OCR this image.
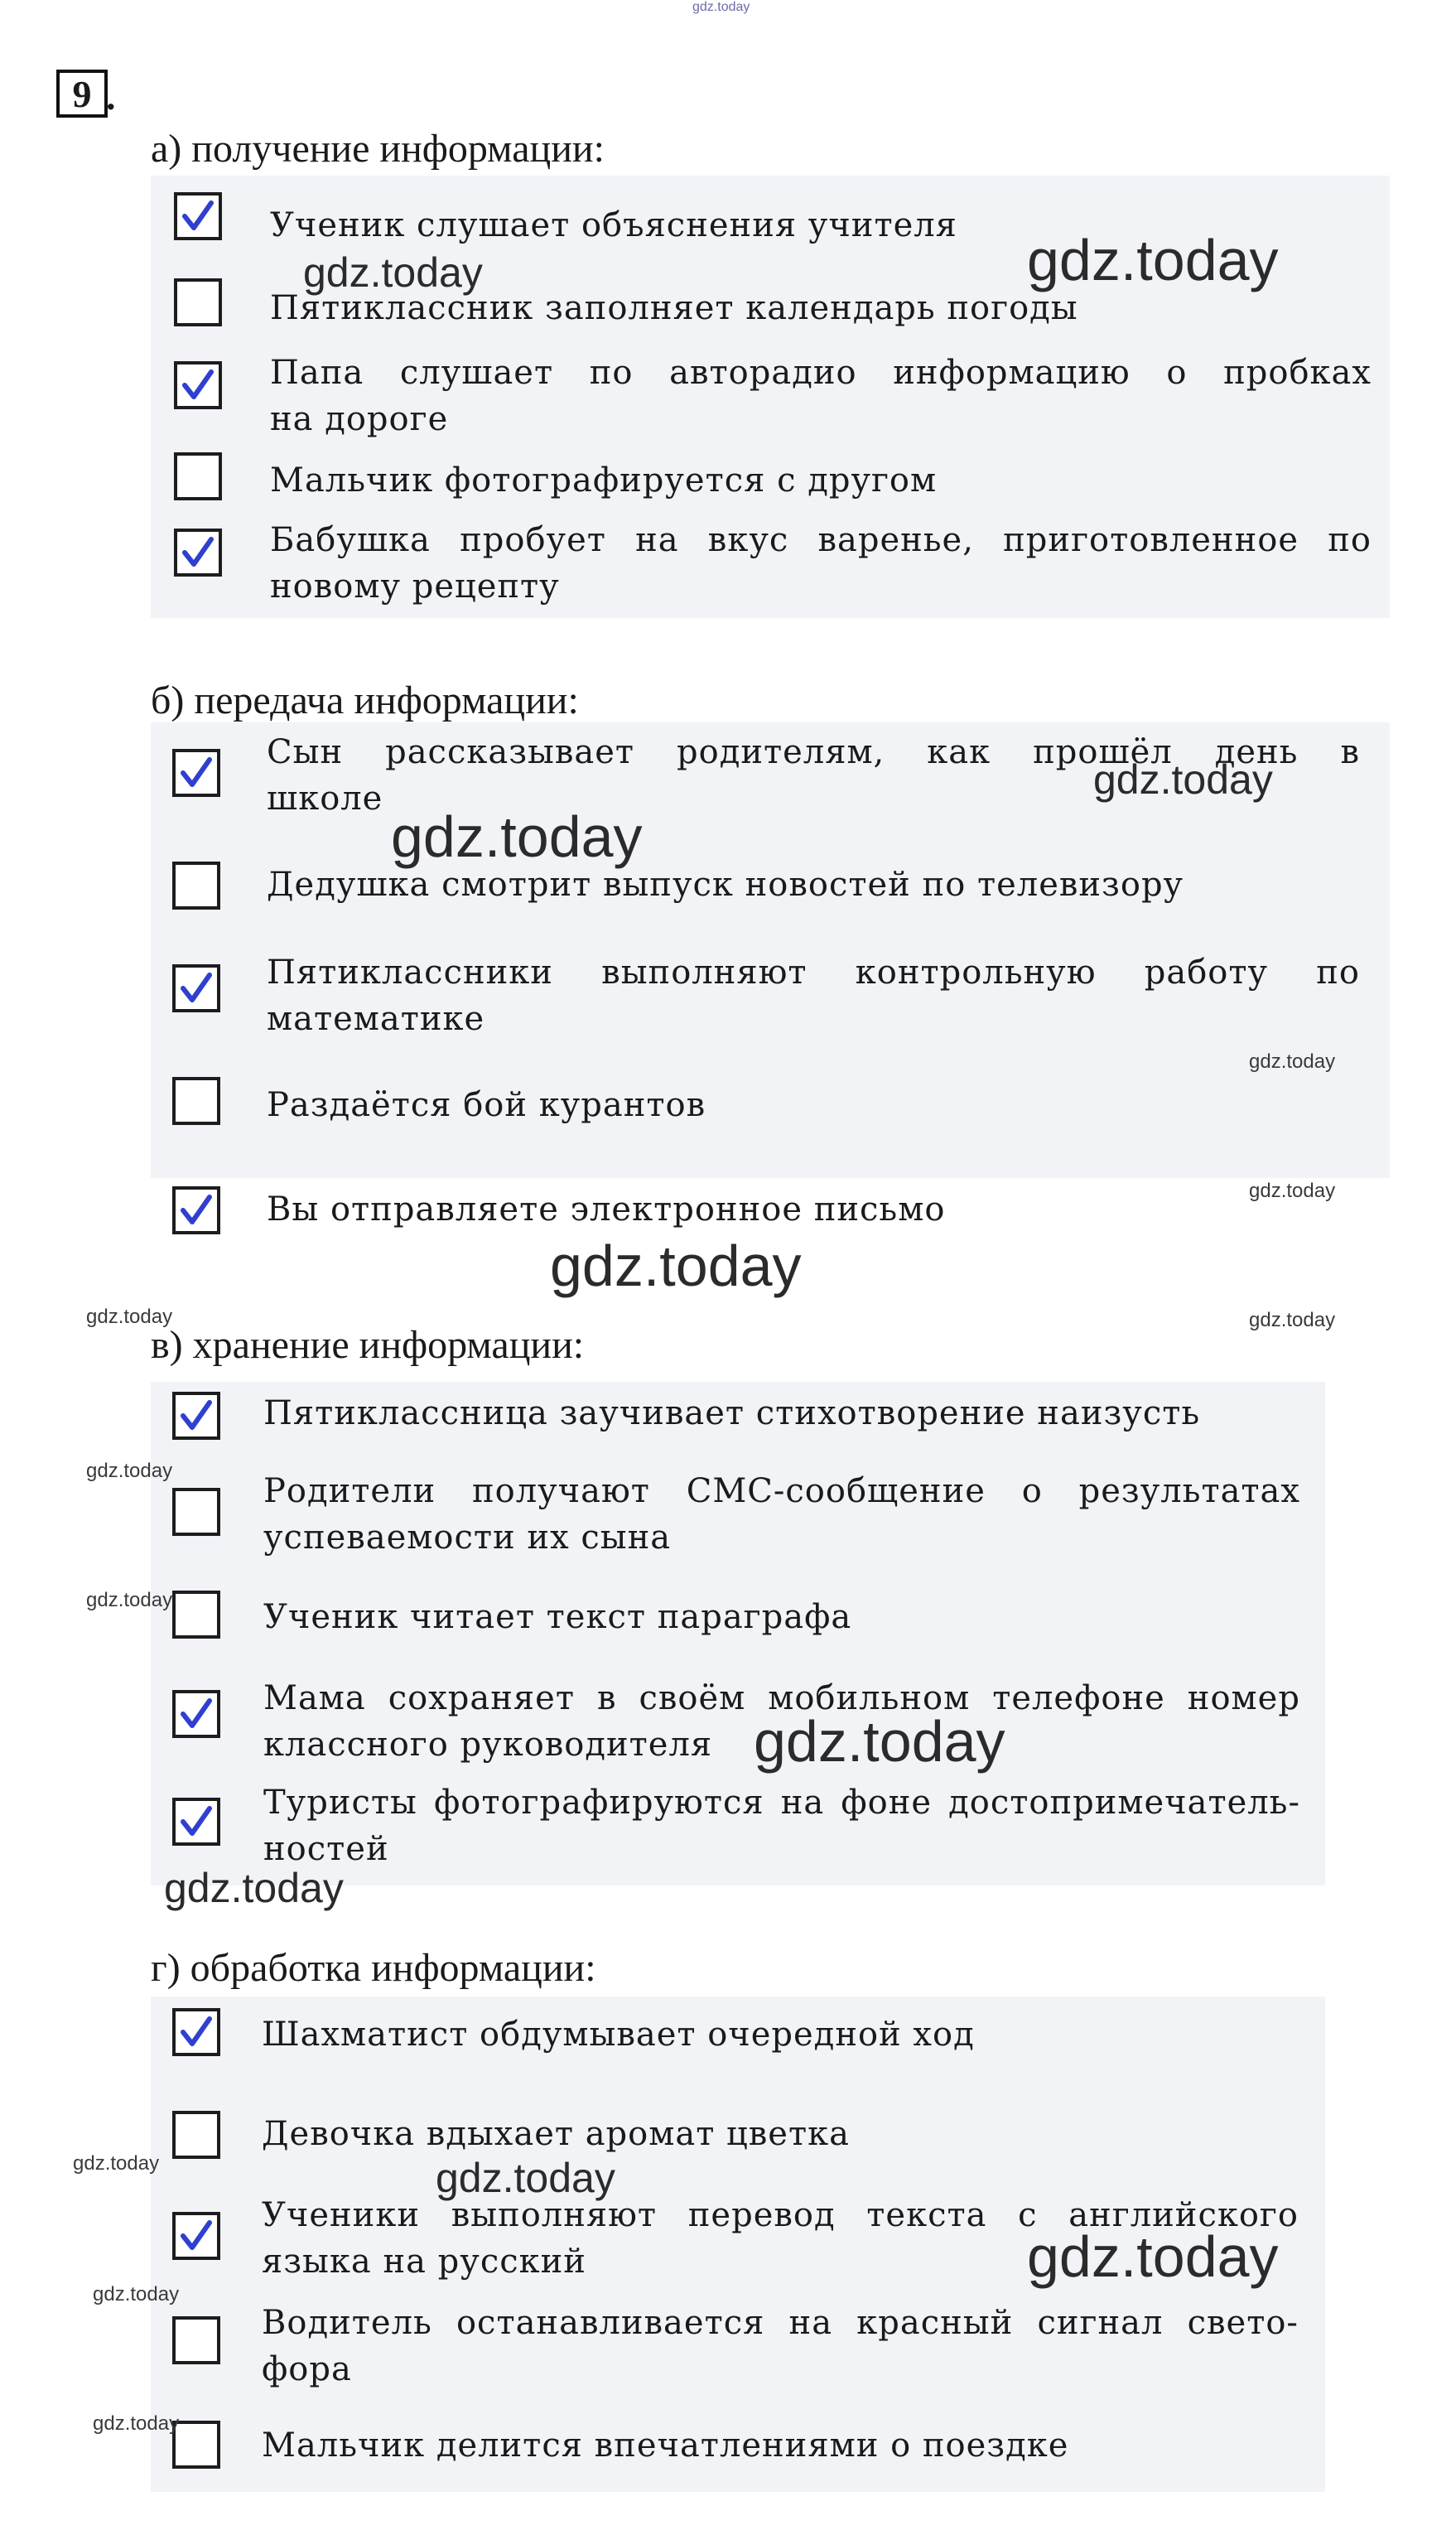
9 .
gdz.today
а) получение информации:
б) передача информации:
в) хранение информации:
г) обработка информации:
Ученик слушает объяснения учителя
Пятиклассник заполняет календарь погоды
Папа слушает по авторадио информацию о пробках
на дороге
Мальчик фотографируется с другом
Бабушка пробует на вкус варенье, приготовленное по
новому рецепту
Сын рассказывает родителям, как прошёл день в
школе
Дедушка смотрит выпуск новостей по телевизору
Пятиклассники выполняют контрольную работу по
математике
Раздаётся бой курантов
Вы отправляете электронное письмо
Пятиклассница заучивает стихотворение наизусть
Родители получают СМС-сообщение о результатах
успеваемости их сына
Ученик читает текст параграфа
Мама сохраняет в своём мобильном телефоне номер
классного руководителя
Туристы фотографируются на фоне достопримечатель-
ностей
Шахматист обдумывает очередной ход
Девочка вдыхает аромат цветка
Ученики выполняют перевод текста с английского
языка на русский
Водитель останавливается на красный сигнал свето-
фора
Мальчик делится впечатлениями о поездке
gdz.today	gdz.today
gdz.today
gdz.today
gdz.today
gdz.today
gdz.today
gdz.today	gdz.today
gdz.today
gdz.today
gdz.today
gdz.today
gdz.today	gdz.today
gdz.today
gdz.today
gdz.today
